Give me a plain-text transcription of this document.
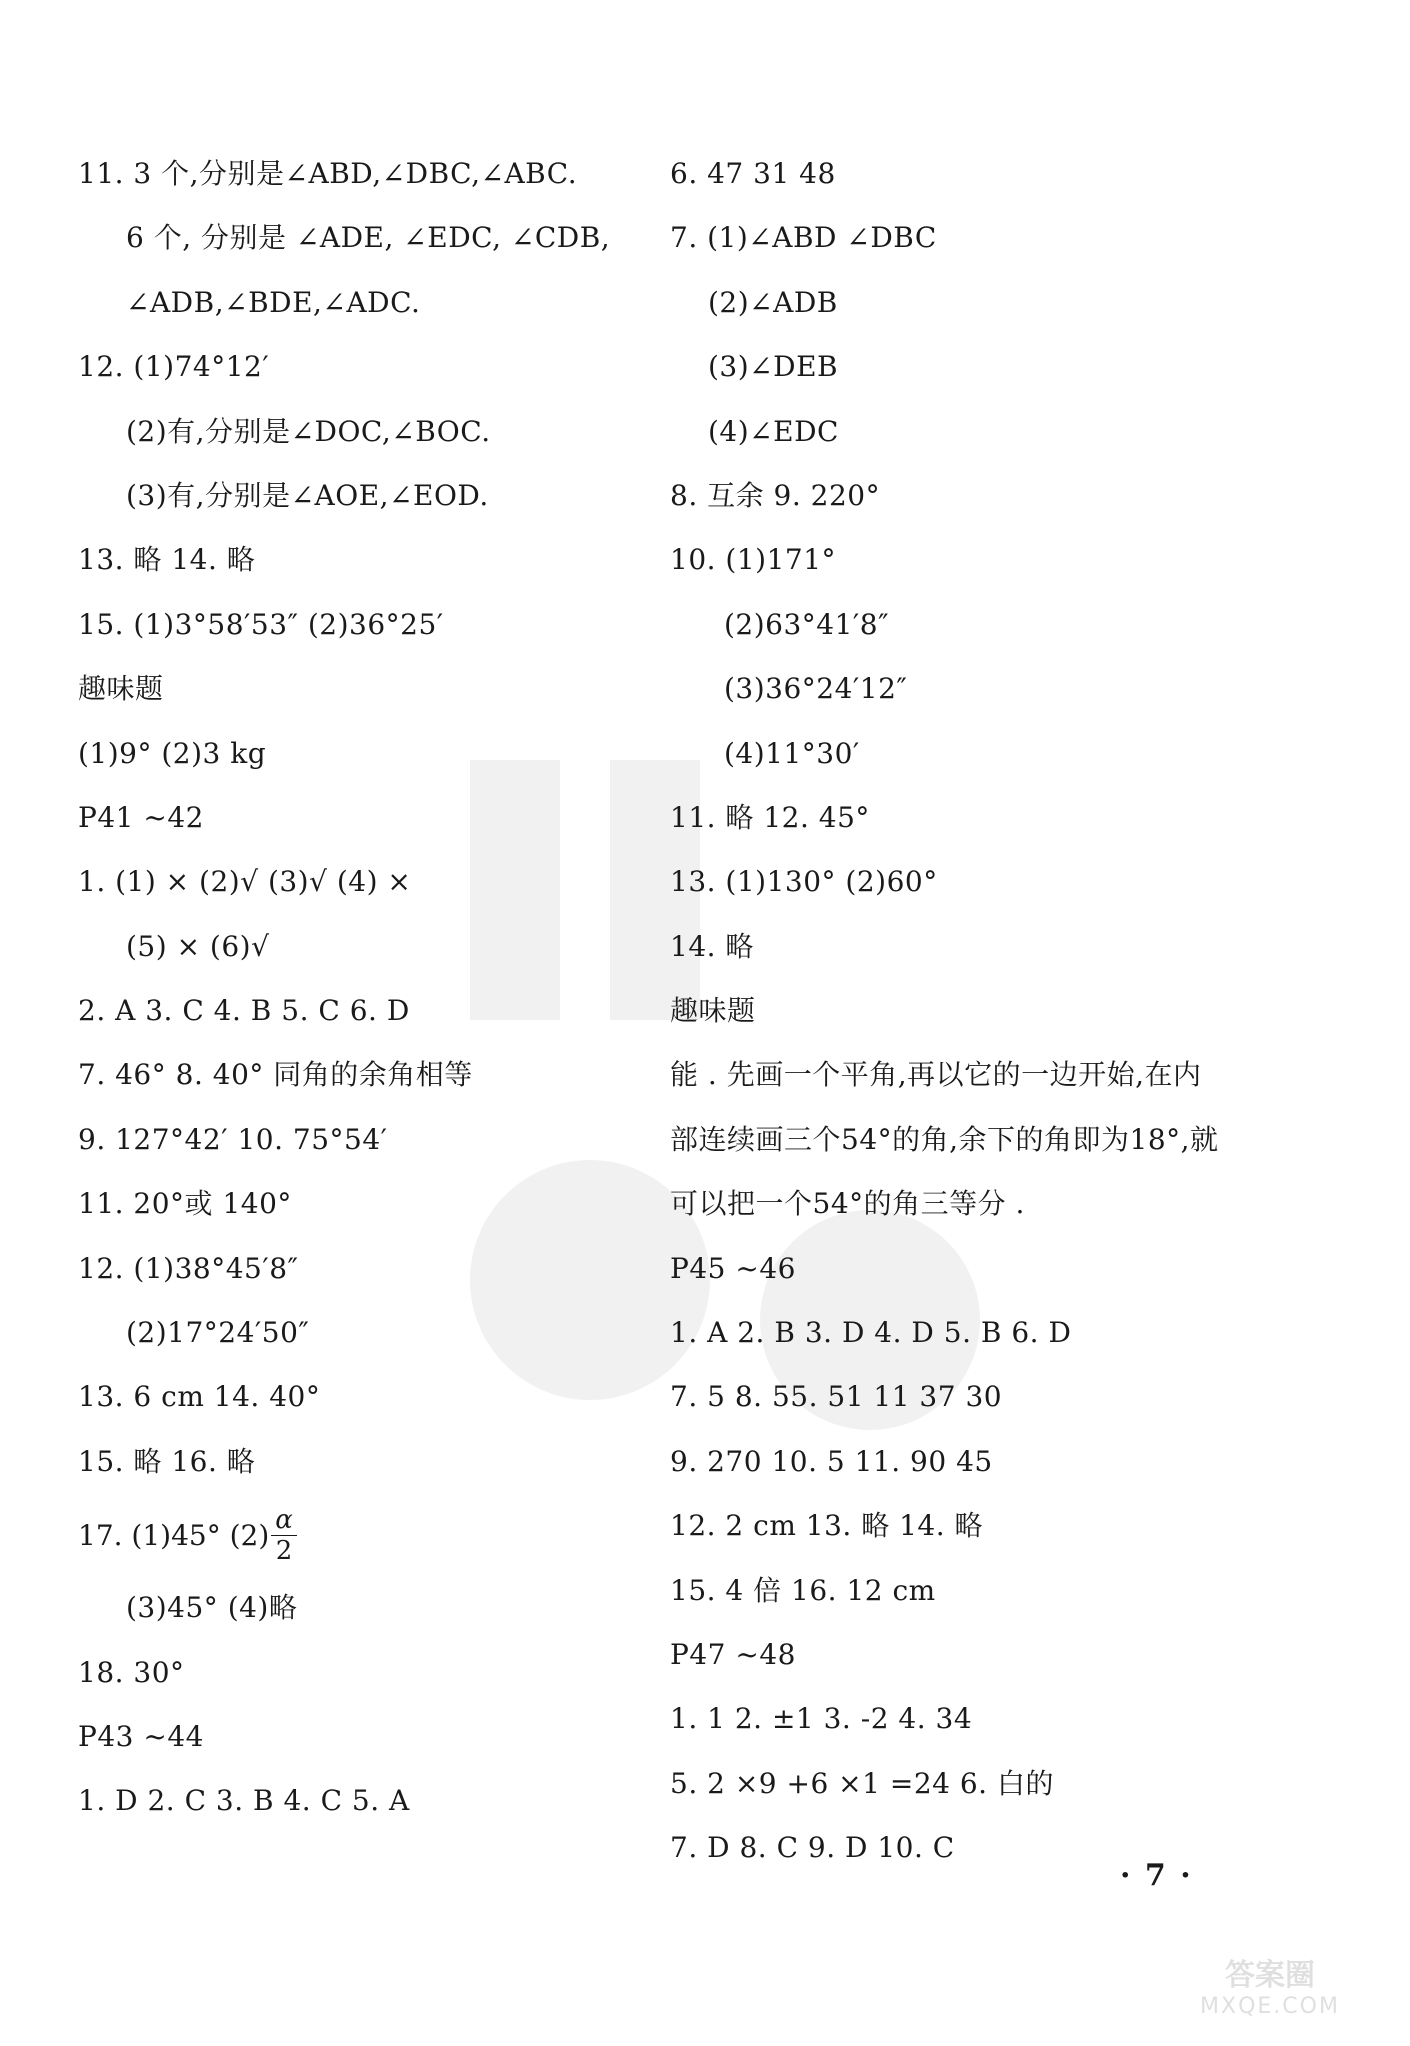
11. 3 个,分别是∠ABD,∠DBC,∠ABC.
6 个, 分别是 ∠ADE, ∠EDC, ∠CDB,
∠ADB,∠BDE,∠ADC.
12. (1)74°12′
(2)有,分别是∠DOC,∠BOC.
(3)有,分别是∠AOE,∠EOD.
13. 略 14. 略
15. (1)3°58′53″ (2)36°25′
趣味题
(1)9° (2)3 kg
P41 ~42
1. (1) × (2)√ (3)√ (4) ×
(5) × (6)√
2. A 3. C 4. B 5. C 6. D
7. 46° 8. 40° 同角的余角相等
9. 127°42′ 10. 75°54′
11. 20°或 140°
12. (1)38°45′8″
(2)17°24′50″
13. 6 cm 14. 40°
15. 略 16. 略
17. (1)45° $(2) \frac{\alpha}{2}$
(3)45° (4)略
18. 30°
P43 ~44
1. D 2. C 3. B 4. C 5. A
6. 47 31 48
7. (1)∠ABD ∠DBC
(2)∠ADB
(3)∠DEB
(4)∠EDC
8. 互余 9. 220°
10. (1)171°
(2)63°41′8″
(3)36°24′12″
(4)11°30′
11. 略 12. 45°
13. (1)130° (2)60°
14. 略
趣味题
能 . 先画一个平角,再以它的一边开始,在内
部连续画三个54°的角,余下的角即为18°,就
可以把一个54°的角三等分 .
P45 ~46
1. A 2. B 3. D 4. D 5. B 6. D
7. 5 8. 55. 51 11 37 30
9. 270 10. 5 11. 90 45
12. 2 cm 13. 略 14. 略
15. 4 倍 16. 12 cm
P47 ~48
1. 1 2. ±1 3. -2 4. 34
5. 2 ×9 +6 ×1 =24 6. 白的
7. D 8. C 9. D 10. C
· 7 ·
答案圈
MXQE.COM
